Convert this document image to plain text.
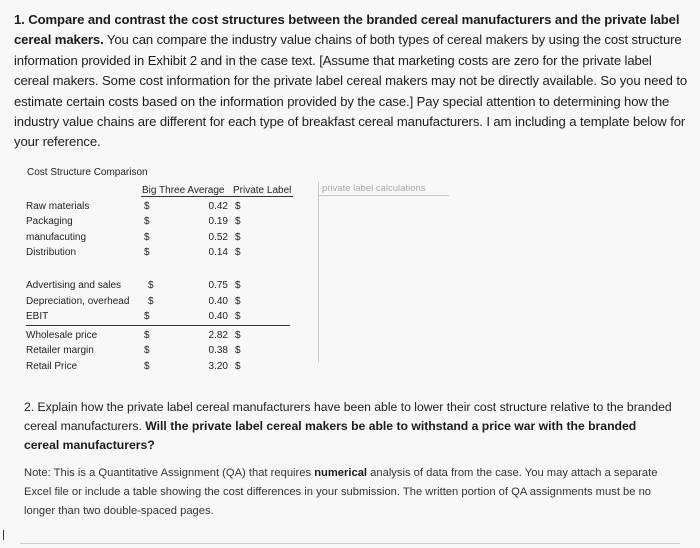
1. Compare and contrast the cost structures between the branded cereal manufacturers and the private label cereal makers. You can compare the industry value chains of both types of cereal makers by using the cost structure information provided in Exhibit 2 and in the case text. [Assume that marketing costs are zero for the private label cereal makers. Some cost information for the private label cereal makers may not be directly available. So you need to estimate certain costs based on the information provided by the case.] Pay special attention to determining how the industry value chains are different for each type of breakfast cereal manufacturers. I am including a template below for your reference.
Cost Structure Comparison
Big Three Average Private Label
Raw materials	$	0.42 $
Packaging	$	0.19 $
manufacuting	$	0.52 $
Distribution	$	0.14 $
Advertising and sales	$	0.75 $
Depreciation, overhead $	0.40 $
EBIT	$	0.40 $
Wholesale price	$	2.82 $
Retailer margin	$	0.38 $
Retail Price	$	3.20 $
private label calculations
2. Explain how the private label cereal manufacturers have been able to lower their cost structure relative to the branded cereal manufacturers. Will the private label cereal makers be able to withstand a price war with the branded cereal manufacturers?
Note: This is a Quantitative Assignment (QA) that requires numerical analysis of data from the case. You may attach a separate Excel file or include a table showing the cost differences in your submission. The written portion of QA assignments must be no longer than two double-spaced pages.
